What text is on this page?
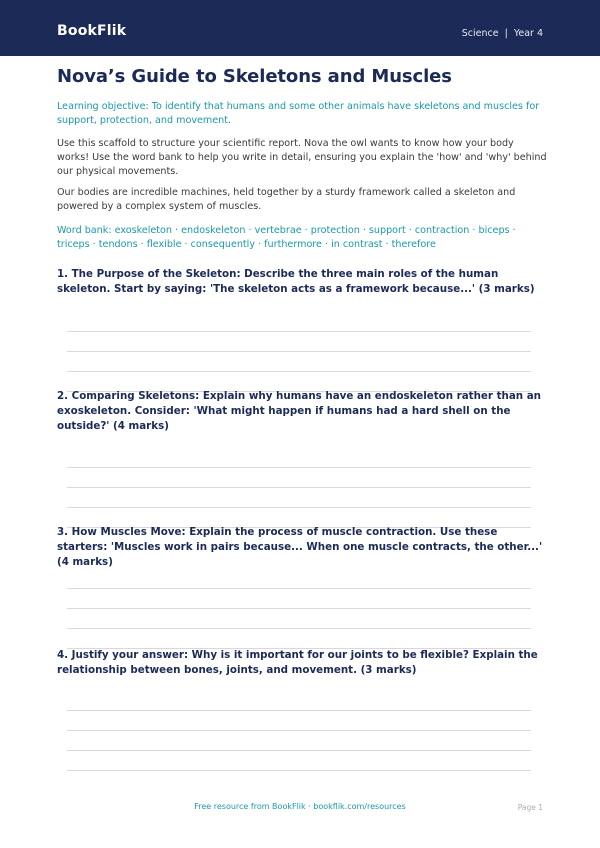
BookFlik	Science | Year 4
Nova’s Guide to Skeletons and Muscles
Learning objective: To identify that humans and some other animals have skeletons and muscles for support, protection, and movement.
Use this scaffold to structure your scientific report. Nova the owl wants to know how your body works! Use the word bank to help you write in detail, ensuring you explain the 'how' and 'why' behind our physical movements.
Our bodies are incredible machines, held together by a sturdy framework called a skeleton and powered by a complex system of muscles.
Word bank: exoskeleton · endoskeleton · vertebrae · protection · support · contraction · biceps · triceps · tendons · flexible · consequently · furthermore · in contrast · therefore
1. The Purpose of the Skeleton: Describe the three main roles of the human skeleton. Start by saying: 'The skeleton acts as a framework because...' (3 marks)
2. Comparing Skeletons: Explain why humans have an endoskeleton rather than an exoskeleton. Consider: 'What might happen if humans had a hard shell on the outside?' (4 marks)
3. How Muscles Move: Explain the process of muscle contraction. Use these starters: 'Muscles work in pairs because... When one muscle contracts, the other...' (4 marks)
4. Justify your answer: Why is it important for our joints to be flexible? Explain the relationship between bones, joints, and movement. (3 marks)
Free resource from BookFlik · bookflik.com/resources	Page 1
